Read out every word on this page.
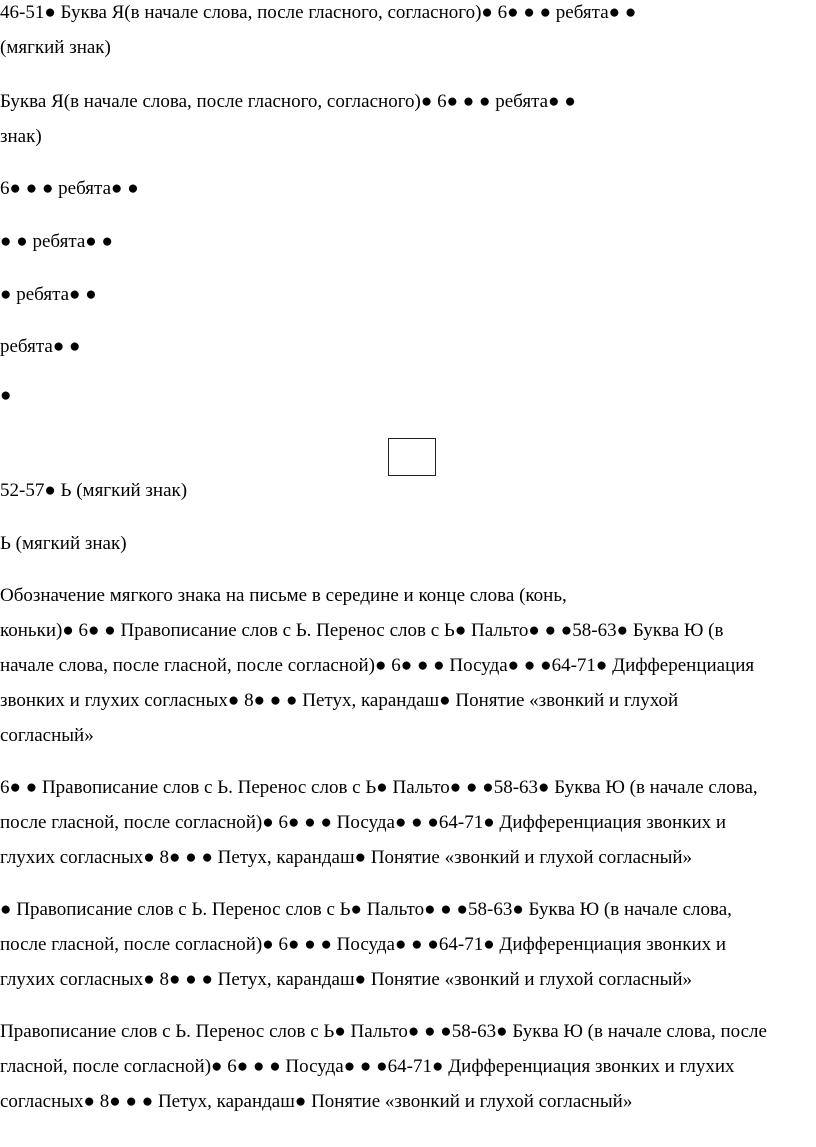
46-51● Буква Я(в начале слова, после гласного, согласного)● 6● ● ● ребята● ●
(мягкий знак)
Буква Я(в начале слова, после гласного, согласного)● 6● ● ● ребята● ●
знак)
6● ● ● ребята● ●
● ● ребята● ●
● ребята● ●
ребята● ●
●
52-57● Ь (мягкий знак)
Ь (мягкий знак)
Обозначение мягкого знака на письме в середине и конце слова (конь,
коньки)● 6● ● Правописание слов с Ь. Перенос слов с Ь● Пальто● ● ●58-63● Буква Ю (в
начале слова, после гласной, после согласной)● 6● ● ● Посуда● ● ●64-71● Дифференциация
звонких и глухих согласных● 8● ● ● Петух, карандаш● Понятие «звонкий и глухой
согласный»
6● ● Правописание слов с Ь. Перенос слов с Ь● Пальто● ● ●58-63● Буква Ю (в начале слова,
после гласной, после согласной)● 6● ● ● Посуда● ● ●64-71● Дифференциация звонких и
глухих согласных● 8● ● ● Петух, карандаш● Понятие «звонкий и глухой согласный»
● Правописание слов с Ь. Перенос слов с Ь● Пальто● ● ●58-63● Буква Ю (в начале слова,
после гласной, после согласной)● 6● ● ● Посуда● ● ●64-71● Дифференциация звонких и
глухих согласных● 8● ● ● Петух, карандаш● Понятие «звонкий и глухой согласный»
Правописание слов с Ь. Перенос слов с Ь● Пальто● ● ●58-63● Буква Ю (в начале слова, после
гласной, после согласной)● 6● ● ● Посуда● ● ●64-71● Дифференциация звонких и глухих
согласных● 8● ● ● Петух, карандаш● Понятие «звонкий и глухой согласный»
